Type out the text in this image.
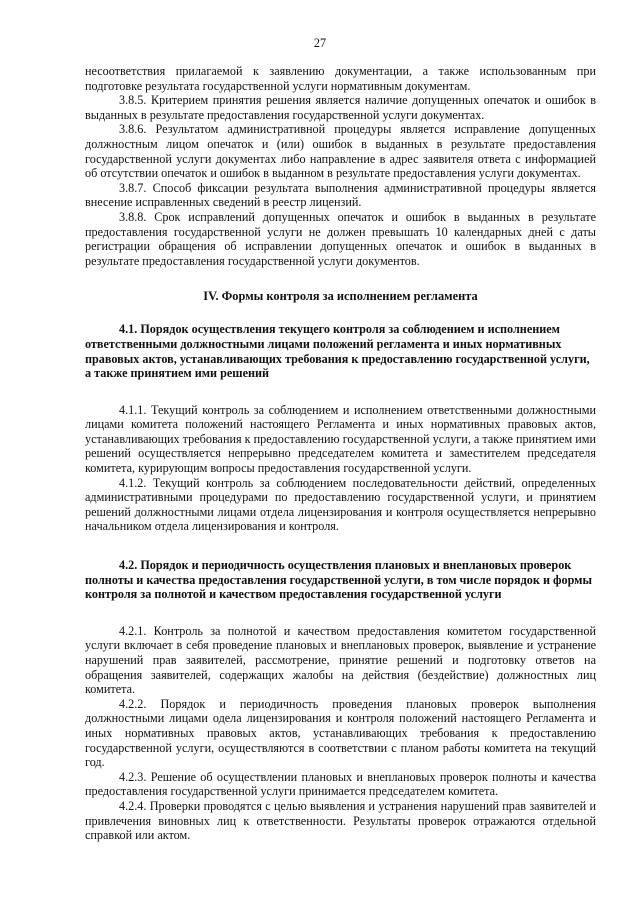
27

несоответствия прилагаемой к заявлению документации, а также использованным при подготовке результата государственной услуги нормативным документам.

3.8.5. Критерием принятия решения является наличие допущенных опечаток и ошибок в выданных в результате предоставления государственной услуги документах.

3.8.6. Результатом административной процедуры является исправление допущенных должностным лицом опечаток и (или) ошибок в выданных в результате предоставления государственной услуги документах либо направление в адрес заявителя ответа с информацией об отсутствии опечаток и ошибок в выданном в результате предоставления услуги документах.

3.8.7. Способ фиксации результата выполнения административной процедуры является внесение исправленных сведений в реестр лицензий.

3.8.8. Срок исправлений допущенных опечаток и ошибок в выданных в результате предоставления государственной услуги не должен превышать 10 календарных дней с даты регистрации обращения об исправлении допущенных опечаток и ошибок в выданных в результате предоставления государственной услуги документов.

IV. Формы контроля за исполнением регламента
4.1. Порядок осуществления текущего контроля за соблюдением и исполнением ответственными должностными лицами положений регламента и иных нормативных правовых актов, устанавливающих требования к предоставлению государственной услуги, а также принятием ими решений

4.1.1. Текущий контроль за соблюдением и исполнением ответственными должностными лицами комитета положений настоящего Регламента и иных нормативных правовых актов, устанавливающих требования к предоставлению государственной услуги, а также принятием ими решений осуществляется непрерывно председателем комитета и заместителем председателя комитета, курирующим вопросы предоставления государственной услуги.

4.1.2. Текущий контроль за соблюдением последовательности действий, определенных административными процедурами по предоставлению государственной услуги, и принятием решений должностными лицами отдела лицензирования и контроля осуществляется непрерывно начальником отдела лицензирования и контроля.

4.2. Порядок и периодичность осуществления плановых и внеплановых проверок полноты и качества предоставления государственной услуги, в том числе порядок и формы контроля за полнотой и качеством предоставления государственной услуги

4.2.1. Контроль за полнотой и качеством предоставления комитетом государственной услуги включает в себя проведение плановых и внеплановых проверок, выявление и устранение нарушений прав заявителей, рассмотрение, принятие решений и подготовку ответов на обращения заявителей, содержащих жалобы на действия (бездействие) должностных лиц комитета.

4.2.2. Порядок и периодичность проведения плановых проверок выполнения должностными лицами одела лицензирования и контроля положений настоящего Регламента и иных нормативных правовых актов, устанавливающих требования к предоставлению государственной услуги, осуществляются в соответствии с планом работы комитета на текущий год.

4.2.3. Решение об осуществлении плановых и внеплановых проверок полноты и качества предоставления государственной услуги принимается председателем комитета.

4.2.4. Проверки проводятся с целью выявления и устранения нарушений прав заявителей и привлечения виновных лиц к ответственности. Результаты проверок отражаются отдельной справкой или актом.
